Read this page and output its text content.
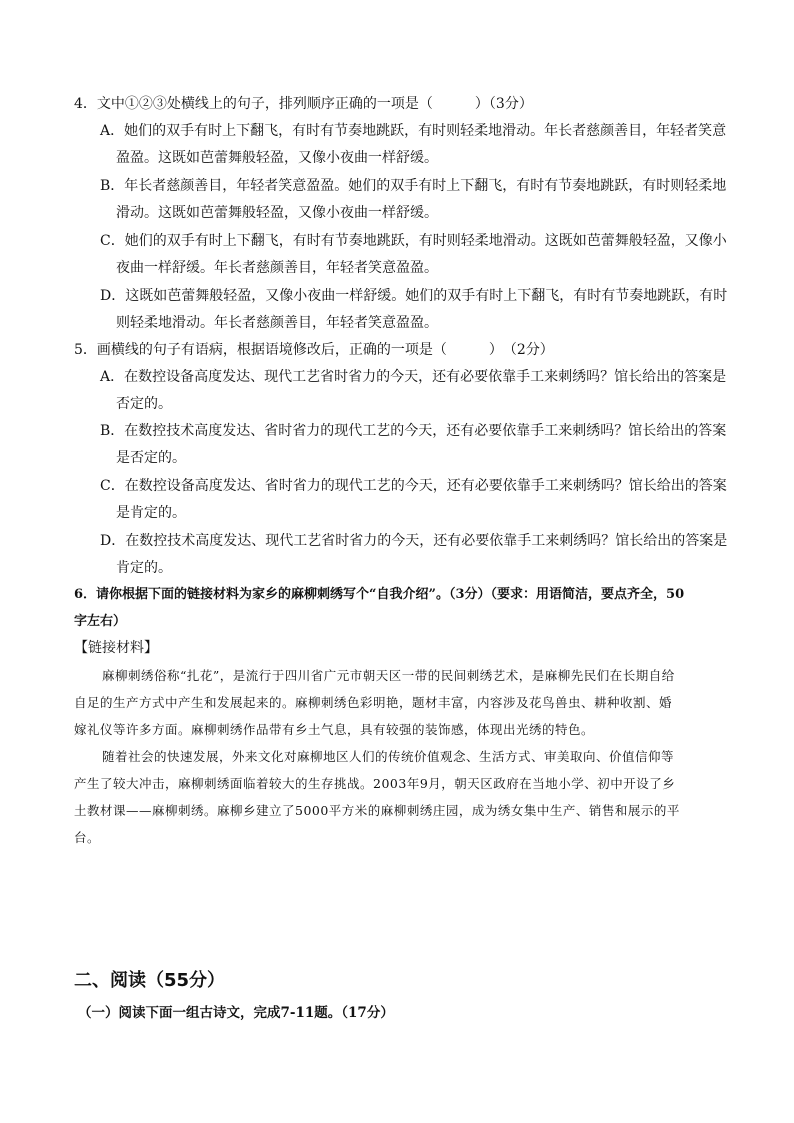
4．文中①②③处横线上的句子，排列顺序正确的一项是（　　　）（3分）
A．她们的双手有时上下翻飞，有时有节奏地跳跃，有时则轻柔地滑动。年长者慈颜善目，年轻者笑意
盈盈。这既如芭蕾舞般轻盈，又像小夜曲一样舒缓。
B．年长者慈颜善目，年轻者笑意盈盈。她们的双手有时上下翻飞，有时有节奏地跳跃，有时则轻柔地
滑动。这既如芭蕾舞般轻盈，又像小夜曲一样舒缓。
C．她们的双手有时上下翻飞，有时有节奏地跳跃，有时则轻柔地滑动。这既如芭蕾舞般轻盈，又像小
夜曲一样舒缓。年长者慈颜善目，年轻者笑意盈盈。
D．这既如芭蕾舞般轻盈，又像小夜曲一样舒缓。她们的双手有时上下翻飞，有时有节奏地跳跃，有时
则轻柔地滑动。年长者慈颜善目，年轻者笑意盈盈。
5．画横线的句子有语病，根据语境修改后，正确的一项是（　　　）　（2分）
A．在数控设备高度发达、现代工艺省时省力的今天，还有必要依靠手工来刺绣吗？馆长给出的答案是
否定的。
B．在数控技术高度发达、省时省力的现代工艺的今天，还有必要依靠手工来刺绣吗？馆长给出的答案
是否定的。
C．在数控设备高度发达、省时省力的现代工艺的今天，还有必要依靠手工来刺绣吗？馆长给出的答案
是肯定的。
D．在数控技术高度发达、现代工艺省时省力的今天，还有必要依靠手工来刺绣吗？馆长给出的答案是
肯定的。
6．请你根据下面的链接材料为家乡的麻柳刺绣写个“自我介绍”。（3分）（要求：用语简洁，要点齐全，50
字左右）
【链接材料】
麻柳刺绣俗称“扎花”，是流行于四川省广元市朝天区一带的民间刺绣艺术，是麻柳先民们在长期自给
自足的生产方式中产生和发展起来的。麻柳刺绣色彩明艳，题材丰富，内容涉及花鸟兽虫、耕种收割、婚
嫁礼仪等许多方面。麻柳刺绣作品带有乡土气息，具有较强的装饰感，体现出光绣的特色。
随着社会的快速发展，外来文化对麻柳地区人们的传统价值观念、生活方式、审美取向、价值信仰等
产生了较大冲击，麻柳刺绣面临着较大的生存挑战。2003年9月，朝天区政府在当地小学、初中开设了乡
土教材课——麻柳刺绣。麻柳乡建立了5000平方米的麻柳刺绣庄园，成为绣女集中生产、销售和展示的平
台。
二、阅读（55分）
（一）阅读下面一组古诗文，完成7-11题。（17分）
